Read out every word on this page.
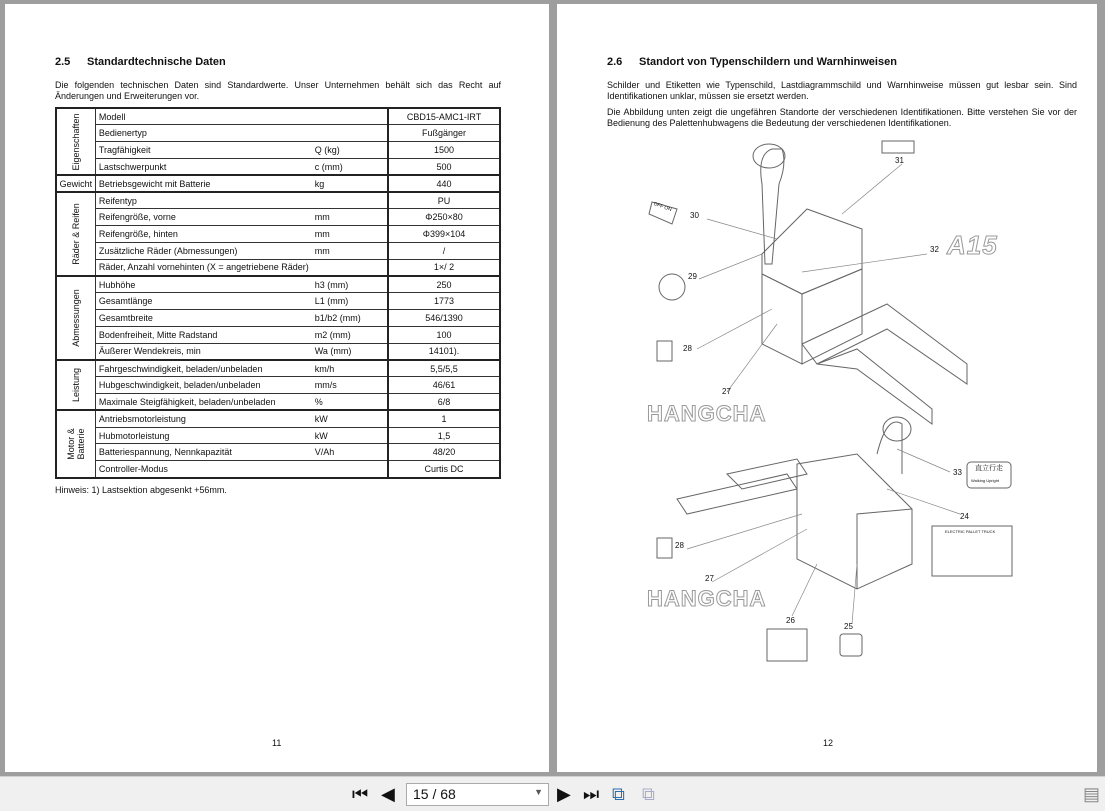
2.5 Standardtechnische Daten
Die folgenden technischen Daten sind Standardwerte. Unser Unternehmen behält sich das Recht auf Änderungen und Erweiterungen vor.
Eigenschaften	Modell		CBD15-AMC1-IRT
	Bedienertyp		Fußgänger
	Tragfähigkeit	Q (kg)	1500
	Lastschwerpunkt	c (mm)	500

Gewicht	Betriebsgewicht mit Batterie	kg	440

Räder & Reifen	Reifentyp		PU
	Reifengröße, vorne	mm	Φ250×80
	Reifengröße, hinten	mm	Φ399×104
	Zusätzliche Räder (Abmessungen)	mm	/
	Räder, Anzahl vornehinten (X = angetriebene Räder)		1×/ 2

Abmessungen	Hubhöhe	h3 (mm)	250
	Gesamtlänge	L1 (mm)	1773
	Gesamtbreite	b1/b2 (mm)	546/1390
	Bodenfreiheit, Mitte Radstand	m2 (mm)	100
	Äußerer Wendekreis, min	Wa (mm)	14101).

Leistung	Fahrgeschwindigkeit, beladen/unbeladen	km/h	5,5/5,5
	Hubgeschwindigkeit, beladen/unbeladen	mm/s	46/61
	Maximale Steigfähigkeit, beladen/unbeladen	%	6/8

Motor & Batterie	Antriebsmotorleistung	kW	1
	Hubmotorleistung	kW	1,5
	Batteriespannung, Nennkapazität	V/Ah	48/20
	Controller-Modus		Curtis DC
Hinweis: 1) Lastsektion abgesenkt +56mm.
11
2.6 Standort von Typenschildern und Warnhinweisen
Schilder und Etiketten wie Typenschild, Lastdiagrammschild und Warnhinweise müssen gut lesbar sein. Sind Identifikationen unklar, müssen sie ersetzt werden.
Die Abbildung unten zeigt die ungefähren Standorte der verschiedenen Identifikationen. Bitte verstehen Sie vor der Bedienung des Palettenhubwagens die Bedeutung der verschiedenen Identifikationen.
31
30
32
29
28
27
33
24
28
27
26
25
OFF ON
直立行走
Walking Upright
ELECTRIC PALLET TRUCK
HANGCHA
HANGCHA
A15
12
⏮ ◀	15 / 68	▼ ▶ ⏭ ⧉ ⧉	▤
